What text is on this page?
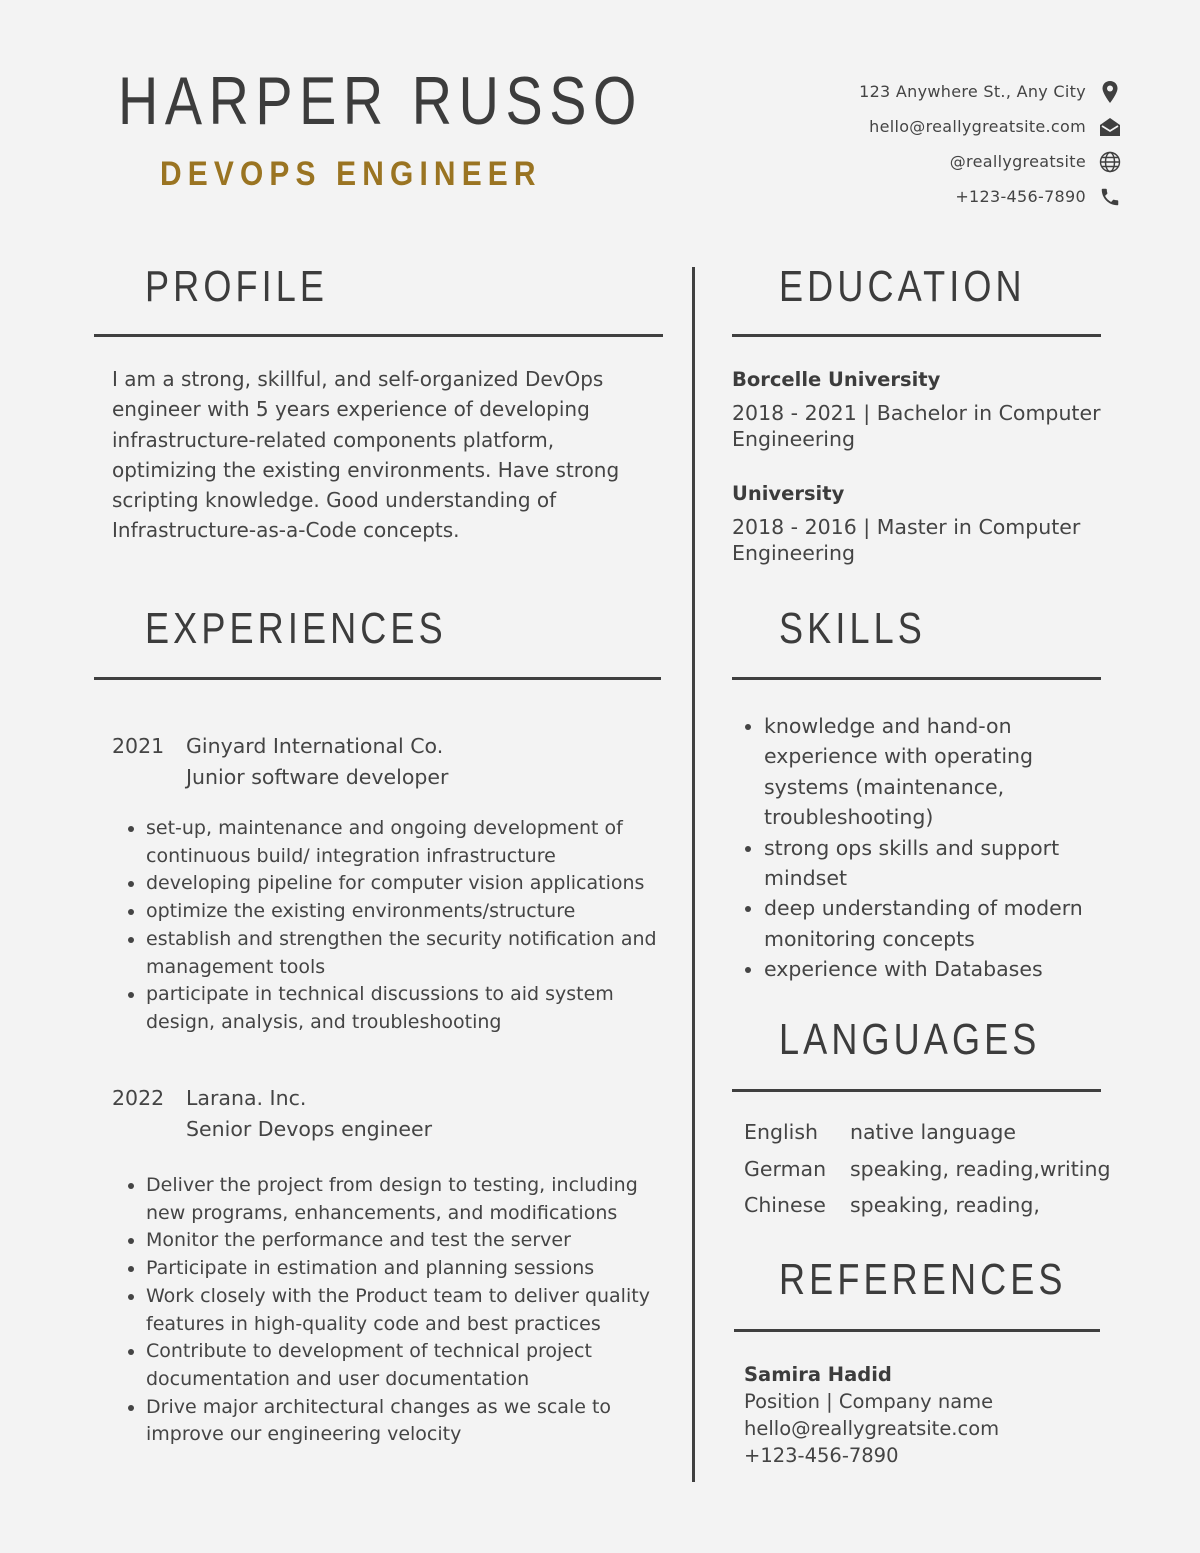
HARPER RUSSO
DEVOPS ENGINEER
123 Anywhere St., Any City
hello@reallygreatsite.com
@reallygreatsite
+123-456-7890
PROFILE

I am a strong, skillful, and self-organized DevOps engineer with 5 years experience of developing infrastructure-related components platform, optimizing the existing environments. Have strong scripting knowledge. Good understanding of Infrastructure-as-a-Code concepts.

EXPERIENCES
2021	Ginyard International Co.
Junior software developer
• set-up, maintenance and ongoing development of continuous build/ integration infrastructure
• developing pipeline for computer vision applications
• optimize the existing environments/structure
• establish and strengthen the security notification and management tools
• participate in technical discussions to aid system design, analysis, and troubleshooting
2022	Larana. Inc.
Senior Devops engineer
• Deliver the project from design to testing, including new programs, enhancements, and modifications
• Monitor the performance and test the server
• Participate in estimation and planning sessions
• Work closely with the Product team to deliver quality features in high-quality code and best practices
• Contribute to development of technical project documentation and user documentation
• Drive major architectural changes as we scale to improve our engineering velocity
EDUCATION
Borcelle University
2018 - 2021 | Bachelor in Computer Engineering
University
2018 - 2016 | Master in Computer Engineering
SKILLS
• knowledge and hand-on experience with operating systems (maintenance, troubleshooting)
• strong ops skills and support mindset
• deep understanding of modern monitoring concepts
• experience with Databases
LANGUAGES
English	native language
German	speaking, reading,writing
Chinese	speaking, reading,
REFERENCES
Samira Hadid
Position | Company name
hello@reallygreatsite.com
+123-456-7890
